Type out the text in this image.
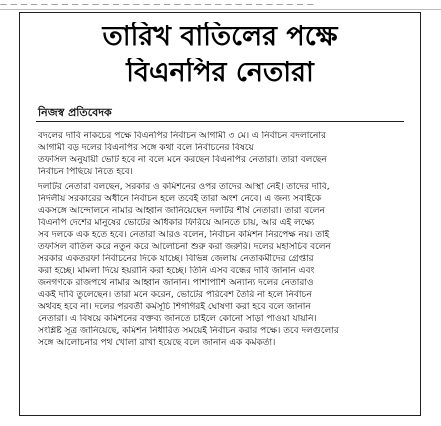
— — — — — — — — — — — — — — — — — — — — — — — — — — — — — — —
তারিখ বাতিলের পক্ষে
বিএনপির নেতারা
নিজস্ব প্রতিবেদক
বদলের দাবি নাকচের পক্ষে বিএনপির নির্বাচন আগামী ৩ মে। এ নির্বাচন বদলানোর
আগামী বড় দলের বিএনপির সঙ্গে কথা বলে নির্বাচনের বিষয়ে
তফসিল অনুযায়ী ভোট হবে না বলে মনে করছেন বিএনপির নেতারা। তারা বলছেন
নির্বাচন পিছিয়ে নিতে হবে।
দলটির নেতারা বলছেন, সরকার ও কমিশনের ওপর তাদের আস্থা নেই। তাদের দাবি,
নির্দলীয় সরকারের অধীনে নির্বাচন হলে তবেই তারা অংশ নেবে। এ জন্য সবাইকে
একসঙ্গে আন্দোলনে নামার আহ্বান জানিয়েছেন দলটির শীর্ষ নেতারা। তারা বলেন
বিএনপি দেশের মানুষের ভোটের অধিকার ফিরিয়ে আনতে চায়, আর এই লক্ষ্যে
সব দলকে এক হতে হবে। নেতারা আরও বলেন, নির্বাচন কমিশন নিরপেক্ষ নয়। তাই
তফসিল বাতিল করে নতুন করে আলোচনা শুরু করা জরুরি। দলের মহাসচিব বলেন
সরকার একতরফা নির্বাচনের দিকে যাচ্ছে। বিভিন্ন জেলায় নেতাকর্মীদের গ্রেপ্তার
করা হচ্ছে। মামলা দিয়ে হয়রানি করা হচ্ছে। তিনি এসব বন্ধের দাবি জানান এবং
জনগণকে রাজপথে নামার আহ্বান জানান। পাশাপাশি অন্যান্য দলের নেতারাও
একই দাবি তুলেছেন। তারা মনে করেন, ভোটের পরিবেশ তৈরি না হলে নির্বাচন
অর্থবহ হবে না। দলের পরবর্তী কর্মসূচি শিগগিরই ঘোষণা করা হবে বলে জানান
নেতারা। এ বিষয়ে কমিশনের বক্তব্য জানতে চাইলে কোনো সাড়া পাওয়া যায়নি।
সংশ্লিষ্ট সূত্র জানিয়েছে, কমিশন নির্ধারিত সময়েই নির্বাচন করার পক্ষে। তবে দলগুলোর
সঙ্গে আলোচনার পথ খোলা রাখা হয়েছে বলে জানান এক কর্মকর্তা।
